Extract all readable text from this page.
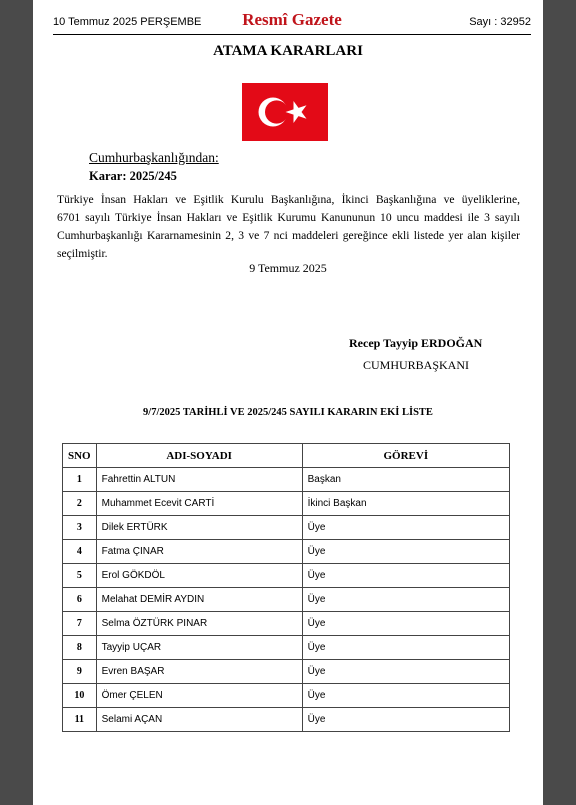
10 Temmuz 2025 PERŞEMBE	Resmî Gazete	Sayı : 32952
ATAMA KARARLARI
Cumhurbaşkanlığından:
Karar: 2025/245
Türkiye İnsan Hakları ve Eşitlik Kurulu Başkanlığına, İkinci Başkanlığına ve üyeliklerine,
6701 sayılı Türkiye İnsan Hakları ve Eşitlik Kurumu Kanununun 10 uncu maddesi ile 3 sayılı
Cumhurbaşkanlığı Kararnamesinin 2, 3 ve 7 nci maddeleri gereğince ekli listede yer alan kişiler
seçilmiştir.
9 Temmuz 2025
Recep Tayyip ERDOĞAN
CUMHURBAŞKANI
9/7/2025 TARİHLİ VE 2025/245 SAYILI KARARIN EKİ LİSTE
SNO	ADI-SOYADI	GÖREVİ
1	Fahrettin ALTUN	Başkan
2	Muhammet Ecevit CARTİ	İkinci Başkan
3	Dilek ERTÜRK	Üye
4	Fatma ÇINAR	Üye
5	Erol GÖKDÖL	Üye
6	Melahat DEMİR AYDIN	Üye
7	Selma ÖZTÜRK PINAR	Üye
8	Tayyip UÇAR	Üye
9	Evren BAŞAR	Üye
10	Ömer ÇELEN	Üye
11	Selami AÇAN	Üye
